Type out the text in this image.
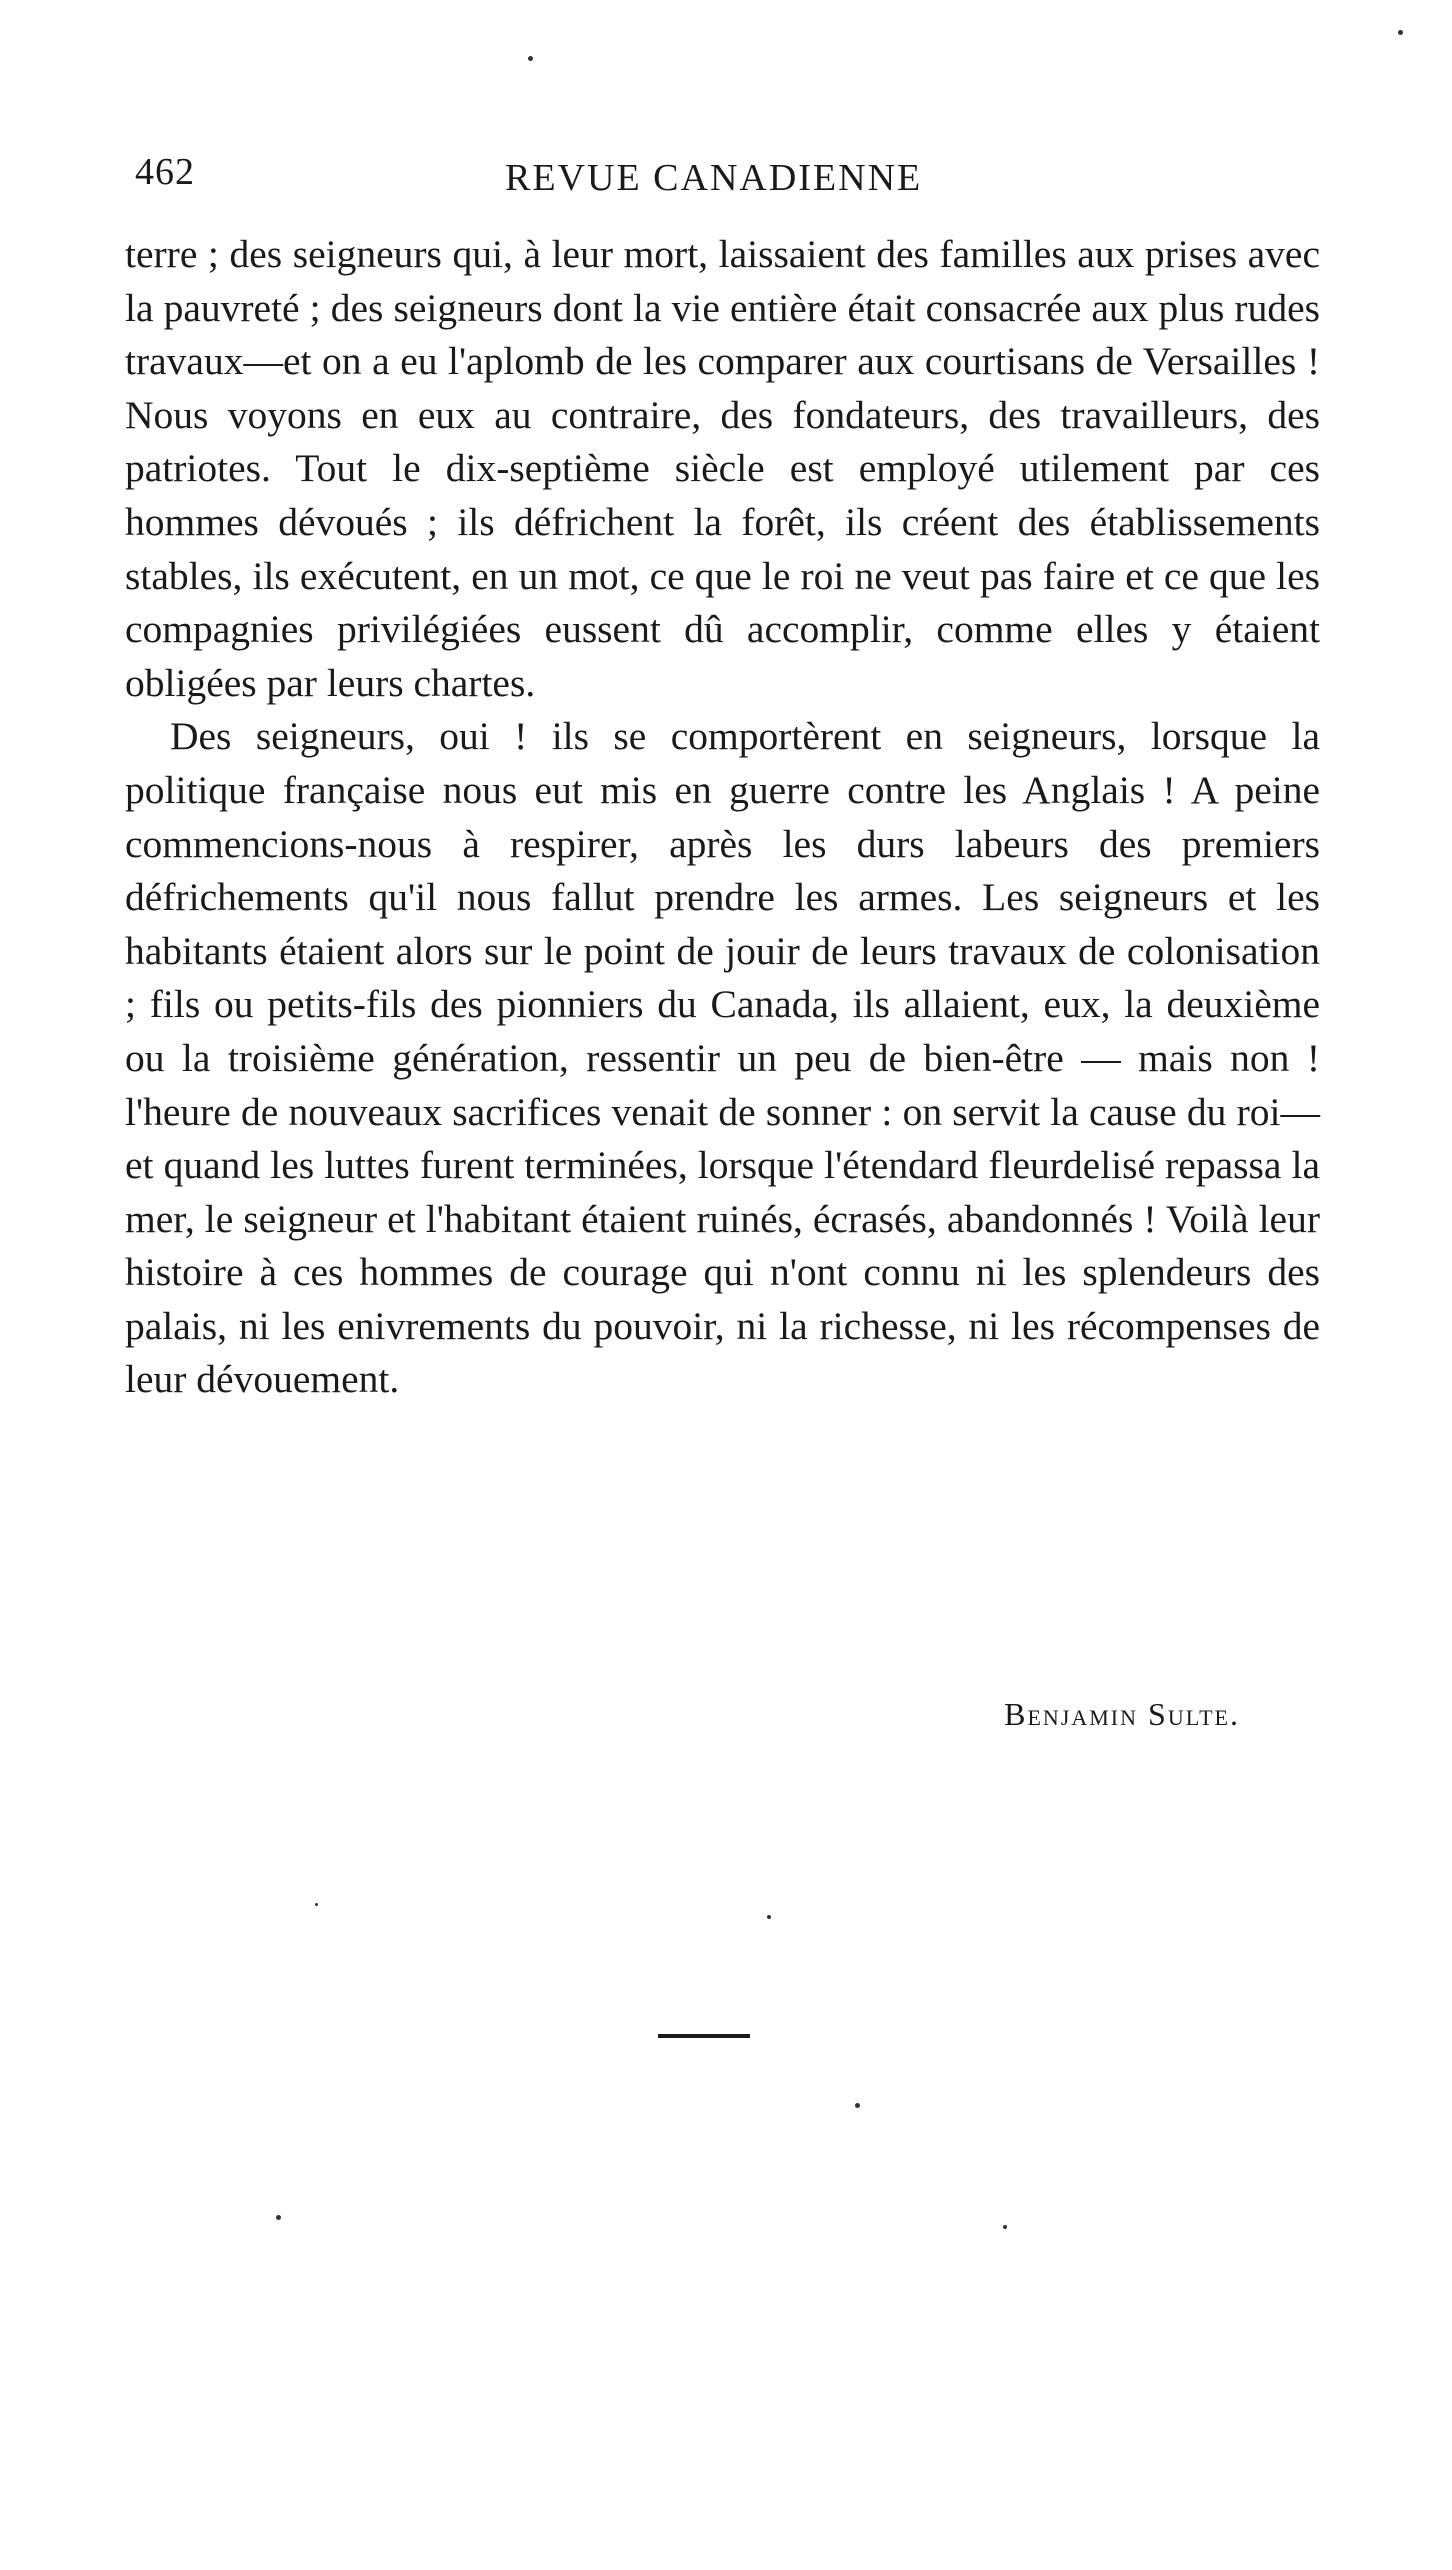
462	REVUE CANADIENNE

terre ; des seigneurs qui, à leur mort, laissaient des familles aux prises avec la pauvreté ; des seigneurs dont la vie entière était consacrée aux plus rudes travaux—et on a eu l'aplomb de les comparer aux courtisans de Versailles ! Nous voyons en eux au contraire, des fondateurs, des travailleurs, des patriotes. Tout le dix-septième siècle est employé utilement par ces hommes dévoués ; ils défrichent la forêt, ils créent des établissements stables, ils exécutent, en un mot, ce que le roi ne veut pas faire et ce que les compagnies privilégiées eussent dû accomplir, comme elles y étaient obligées par leurs chartes.

Des seigneurs, oui ! ils se comportèrent en seigneurs, lorsque la politique française nous eut mis en guerre contre les Anglais ! A peine commencions-nous à respirer, après les durs labeurs des premiers défrichements qu'il nous fallut prendre les armes. Les seigneurs et les habitants étaient alors sur le point de jouir de leurs travaux de colonisation ; fils ou petits-fils des pionniers du Canada, ils allaient, eux, la deuxième ou la troisième génération, ressentir un peu de bien-être — mais non ! l'heure de nouveaux sacrifices venait de sonner : on servit la cause du roi—et quand les luttes furent terminées, lorsque l'étendard fleurdelisé repassa la mer, le seigneur et l'habitant étaient ruinés, écrasés, abandonnés ! Voilà leur histoire à ces hommes de courage qui n'ont connu ni les splendeurs des palais, ni les enivrements du pouvoir, ni la richesse, ni les récompenses de leur dévouement.

Benjamin Sulte.
